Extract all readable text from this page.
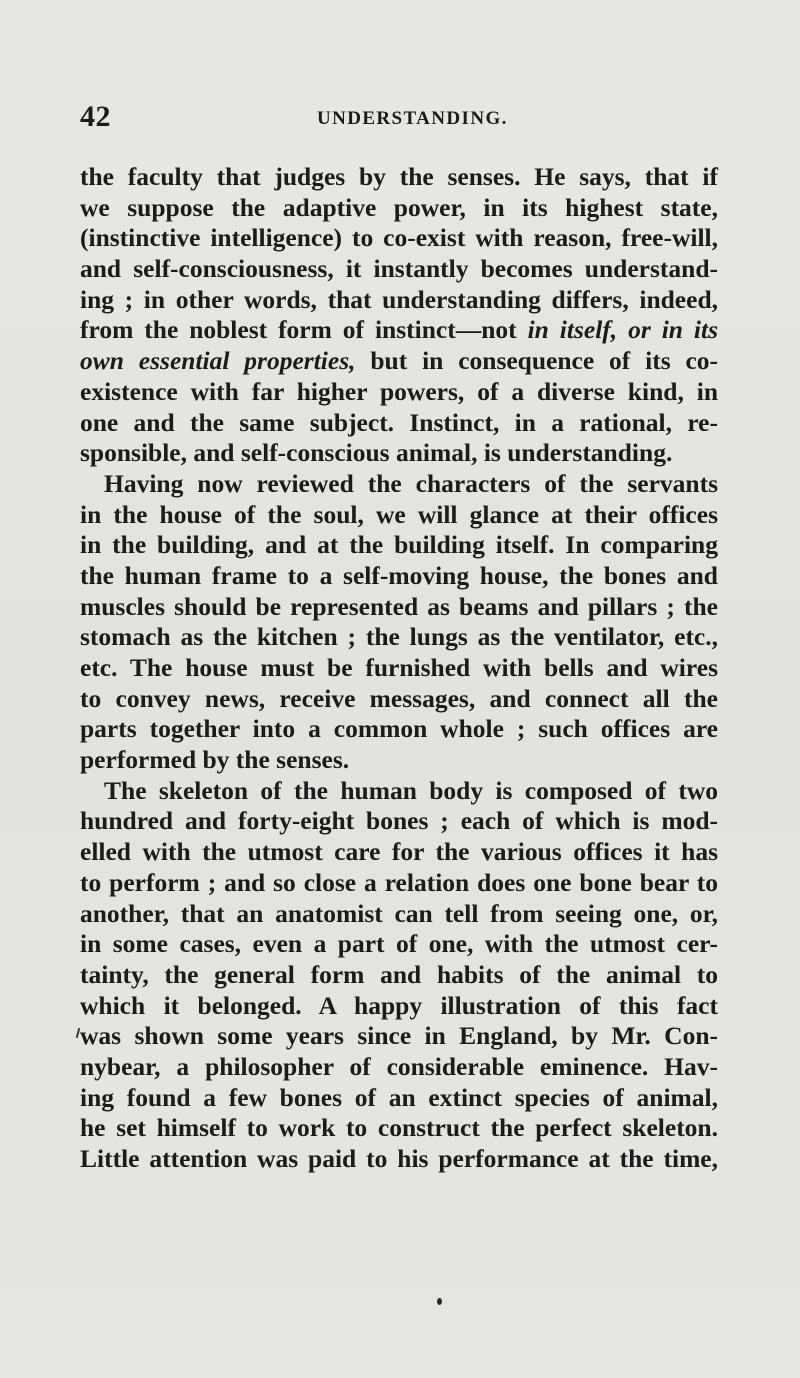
42	UNDERSTANDING.
the faculty that judges by the senses. He says, that if
we suppose the adaptive power, in its highest state,
(instinctive intelligence) to co-exist with reason, free-will,
and self-consciousness, it instantly becomes understand-
ing ; in other words, that understanding differs, indeed,
from the noblest form of instinct—not in itself, or in its
own essential properties, but in consequence of its co-
existence with far higher powers, of a diverse kind, in
one and the same subject. Instinct, in a rational, re-
sponsible, and self-conscious animal, is understanding.
Having now reviewed the characters of the servants
in the house of the soul, we will glance at their offices
in the building, and at the building itself. In comparing
the human frame to a self-moving house, the bones and
muscles should be represented as beams and pillars ; the
stomach as the kitchen ; the lungs as the ventilator, etc.,
etc. The house must be furnished with bells and wires
to convey news, receive messages, and connect all the
parts together into a common whole ; such offices are
performed by the senses.
The skeleton of the human body is composed of two
hundred and forty-eight bones ; each of which is mod-
elled with the utmost care for the various offices it has
to perform ; and so close a relation does one bone bear to
another, that an anatomist can tell from seeing one, or,
in some cases, even a part of one, with the utmost cer-
tainty, the general form and habits of the animal to
which it belonged. A happy illustration of this fact
was shown some years since in England, by Mr. Con-
nybear, a philosopher of considerable eminence. Hav-
ing found a few bones of an extinct species of animal,
he set himself to work to construct the perfect skeleton.
Little attention was paid to his performance at the time,
